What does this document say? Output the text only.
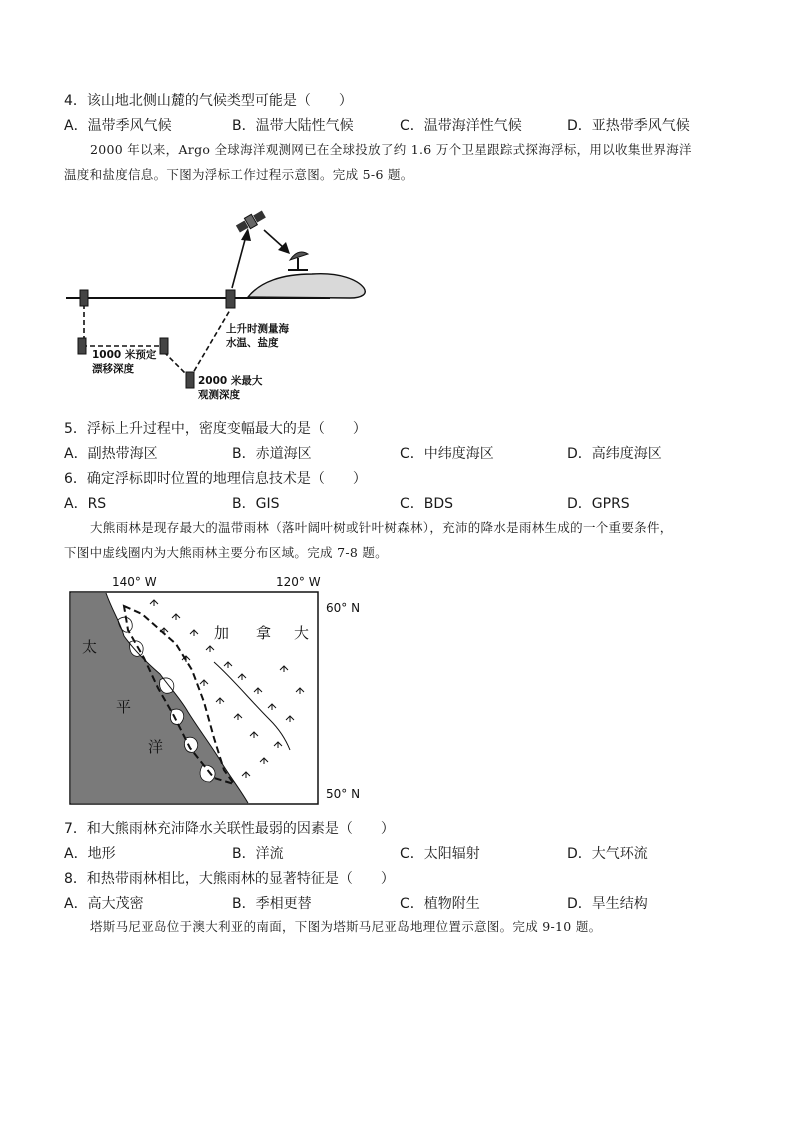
4．该山地北侧山麓的气候类型可能是（　　）
A．温带季风气候	B．温带大陆性气候	C．温带海洋性气候	D．亚热带季风气候
2000 年以来，Argo 全球海洋观测网已在全球投放了约 1.6 万个卫星跟踪式探海浮标，用以收集世界海洋
温度和盐度信息。下图为浮标工作过程示意图。完成 5-6 题。
上升时测量海
水温、盐度
1000 米预定
漂移深度
2000 米最大
观测深度
5．浮标上升过程中，密度变幅最大的是（　　）
A．副热带海区	B．赤道海区	C．中纬度海区	D．高纬度海区
6．确定浮标即时位置的地理信息技术是（　　）
A．RS	B．GIS	C．BDS	D．GPRS
大熊雨林是现存最大的温带雨林（落叶阔叶树或针叶树森林），充沛的降水是雨林生成的一个重要条件，
下图中虚线圈内为大熊雨林主要分布区域。完成 7-8 题。
140° W	120° W
60° N
50° N
加 拿 大
太
平
洋
7．和大熊雨林充沛降水关联性最弱的因素是（　　）
A．地形	B．洋流	C．太阳辐射	D．大气环流
8．和热带雨林相比，大熊雨林的显著特征是（　　）
A．高大茂密	B．季相更替	C．植物附生	D．旱生结构
塔斯马尼亚岛位于澳大利亚的南面，下图为塔斯马尼亚岛地理位置示意图。完成 9-10 题。
